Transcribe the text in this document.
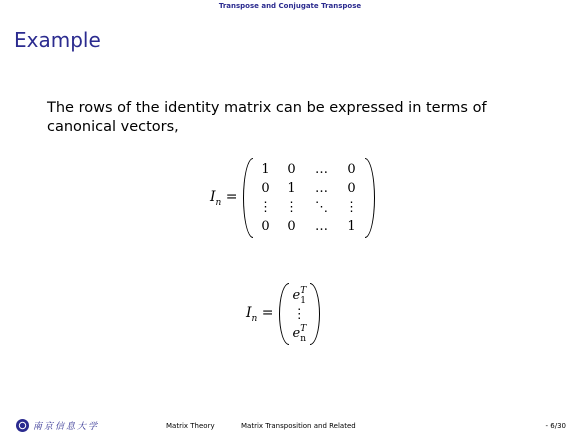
Transpose and Conjugate Transpose
Example
The rows of the identity matrix can be expressed in terms of canonical vectors,
$I_n$ =
1	0	…	0
0	1	…	0
⋮	⋮	⋱	⋮
0	0	…	1
$I_n$ =
$e^T_1$
⋮
$e^T_n$
南京信息大学	Matrix Theory	Matrix Transposition and Related	- 6/30
